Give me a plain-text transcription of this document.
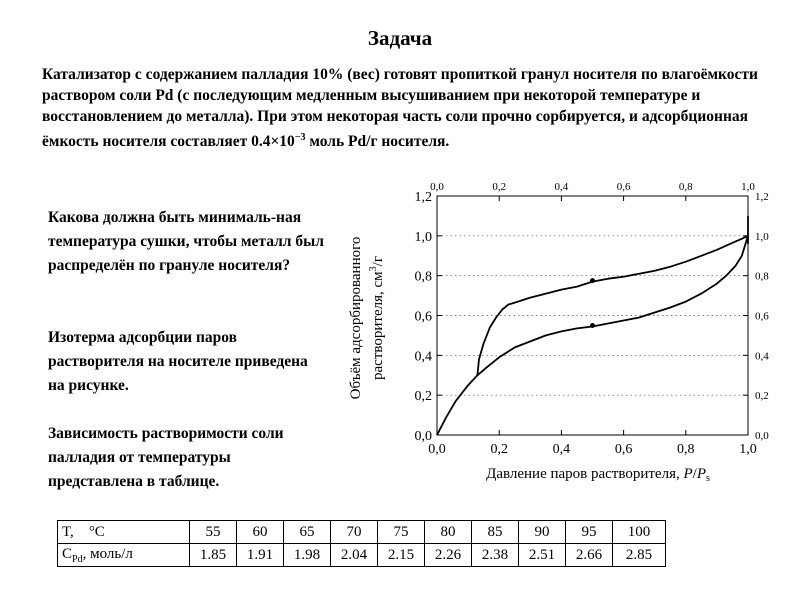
Задача
Катализатор с содержанием палладия 10% (вес) готовят пропиткой гранул носителя по влагоёмкости раствором соли Pd (с последующим медленным высушиванием при некоторой температуре и восстановлением до металла). При этом некоторая часть соли прочно сорбируется, и адсорбционная ёмкость носителя составляет $0.4\times 10^{-3}$ моль Pd/г носителя.
Какова должна быть минималь-ная температура сушки, чтобы металл был распределён по грануле носителя?
Изотерма адсорбции паров растворителя на носителе приведена на рисунке.
Зависимость растворимости соли палладия от температуры представлена в таблице.
0,0	0,0
0,2	0,2
0,4	0,4
0,6	0,6
0,8	0,8
1,0	1,0
1,2	1,2
0,0
0,0
0,2
0,2
0,4
0,4
0,6
0,6
0,8
0,8
1,0
1,0
Давление паров растворителя, $P/P_s$
Объём адсорбированного растворителя, $см^3/г$
T, °C	55	60	65	70	75	80	85	90	95	100
$C_{Pd}$, моль/л	1.85	1.91	1.98	2.04	2.15	2.26	2.38	2.51	2.66	2.85
